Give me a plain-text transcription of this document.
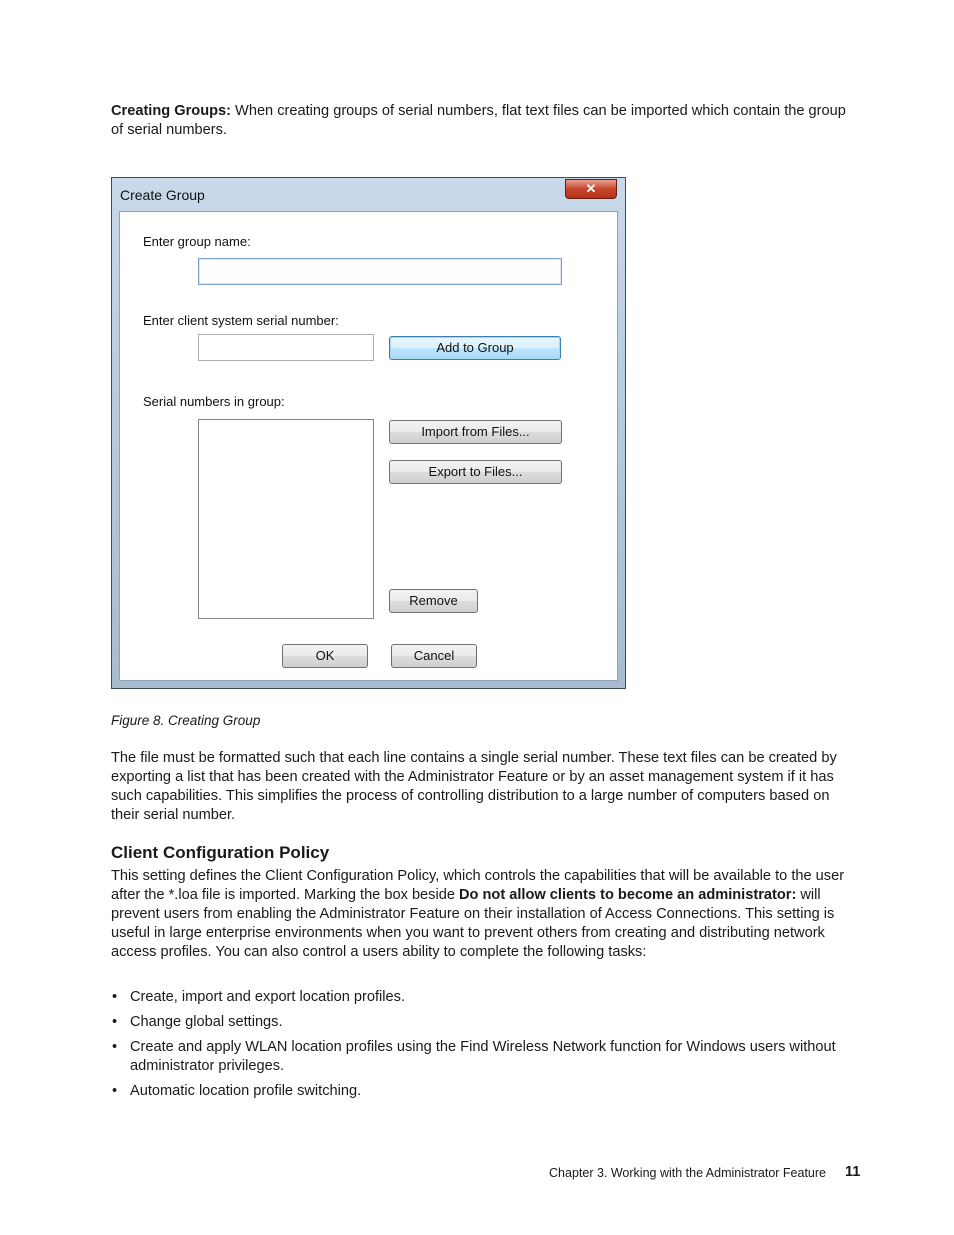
Creating Groups: When creating groups of serial numbers, flat text files can be imported which contain the group of serial numbers.

Create Group	✕
Enter group name:
Enter client system serial number:
Add to Group
Serial numbers in group:
Import from Files...
Export to Files...
Remove
OK	Cancel
Figure 8. Creating Group

The file must be formatted such that each line contains a single serial number. These text files can be created by exporting a list that has been created with the Administrator Feature or by an asset management system if it has such capabilities. This simplifies the process of controlling distribution to a large number of computers based on their serial number.

Client Configuration Policy

This setting defines the Client Configuration Policy, which controls the capabilities that will be available to the user after the *.loa file is imported. Marking the box beside Do not allow clients to become an administrator: will prevent users from enabling the Administrator Feature on their installation of Access Connections. This setting is useful in large enterprise environments when you want to prevent others from creating and distributing network access profiles. You can also control a users ability to complete the following tasks:

• Create, import and export location profiles.
• Change global settings.
• Create and apply WLAN location profiles using the Find Wireless Network function for Windows users without administrator privileges.
• Automatic location profile switching.
Chapter 3. Working with the Administrator Feature 11
